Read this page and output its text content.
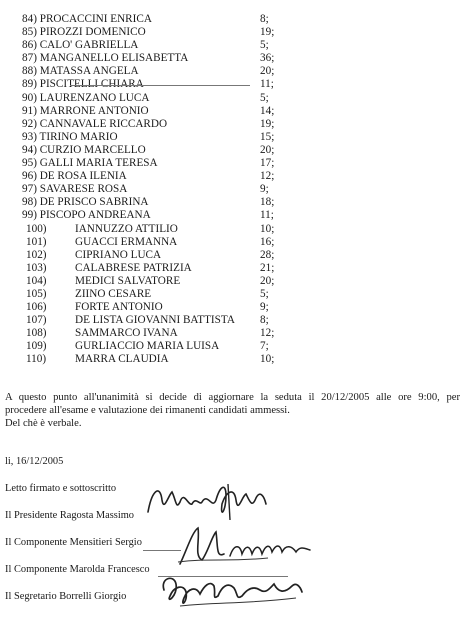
84) PROCACCINI ENRICA	8;
85) PIROZZI DOMENICO	19;
86) CALO' GABRIELLA	5;
87) MANGANELLO ELISABETTA	36;
88) MATASSA ANGELA	20;
89) PISCITELLI CHIARA	11;
90) LAURENZANO LUCA	5;
91) MARRONE ANTONIO	14;
92) CANNAVALE RICCARDO	19;
93) TIRINO MARIO	15;
94) CURZIO MARCELLO	20;
95) GALLI MARIA TERESA	17;
96) DE ROSA ILENIA	12;
97) SAVARESE ROSA	9;
98) DE PRISCO SABRINA	18;
99) PISCOPO ANDREANA	11;
100)	IANNUZZO ATTILIO	10;
101)	GUACCI ERMANNA	16;
102)	CIPRIANO LUCA	28;
103)	CALABRESE PATRIZIA	21;
104)	MEDICI SALVATORE	20;
105)	ZIINO CESARE	5;
106)	FORTE ANTONIO	9;
107)	DE LISTA GIOVANNI BATTISTA 8;
108)	SAMMARCO IVANA	12;
109)	GURLIACCIO MARIA LUISA	7;
110)	MARRA CLAUDIA	10;

A questo punto all'unanimità si decide di aggiornare la seduta il 20/12/2005 alle ore 9:00, per

procedere all'esame e valutazione dei rimanenti candidati ammessi.

Del chè è verbale.

li, 16/12/2005
Letto firmato e sottoscritto
Il Presidente Ragosta Massimo
Il Componente Mensitieri Sergio
Il Componente Marolda Francesco
Il Segretario Borrelli Giorgio
